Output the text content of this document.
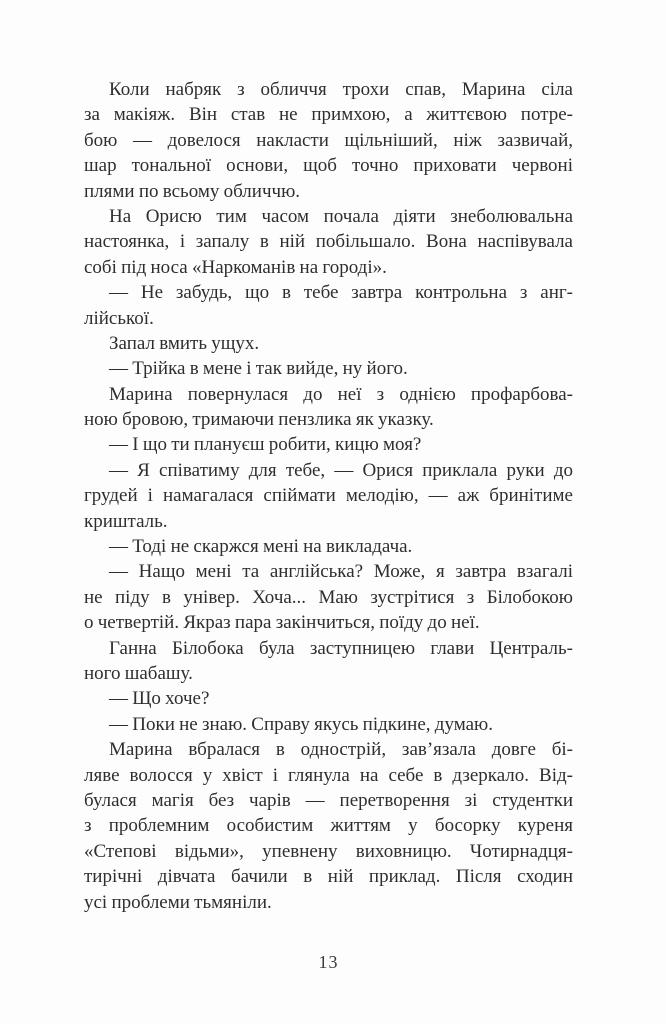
Коли набряк з обличчя трохи спав, Марина сіла
за макіяж. Він став не примхою, а життєвою потре-
бою — довелося накласти щільніший, ніж зазвичай,
шар тональної основи, щоб точно приховати червоні
плями по всьому обличчю.
На Орисю тим часом почала діяти знеболювальна
настоянка, і запалу в ній побільшало. Вона наспівувала
собі під носа «Наркоманів на городі».
— Не забудь, що в тебе завтра контрольна з анг-
лійської.
Запал вмить ущух.
— Трійка в мене і так вийде, ну його.
Марина повернулася до неї з однією профарбова-
ною бровою, тримаючи пензлика як указку.
— І що ти плануєш робити, кицю моя?
— Я співатиму для тебе, — Орися приклала руки до
грудей і намагалася спіймати мелодію, — аж бринітиме
кришталь.
— Тоді не скаржся мені на викладача.
— Нащо мені та англійська? Може, я завтра взагалі
не піду в універ. Хоча... Маю зустрітися з Білобокою
о четвертій. Якраз пара закінчиться, поїду до неї.
Ганна Білобока була заступницею глави Централь-
ного шабашу.
— Що хоче?
— Поки не знаю. Справу якусь підкине, думаю.
Марина вбралася в однострій, зав’язала довге бі-
ляве волосся у хвіст і глянула на себе в дзеркало. Від-
булася магія без чарів — перетворення зі студентки
з проблемним особистим життям у босорку куреня
«Степові відьми», упевнену виховницю. Чотирнадця-
тирічні дівчата бачили в ній приклад. Після сходин
усі проблеми тьмяніли.
13
